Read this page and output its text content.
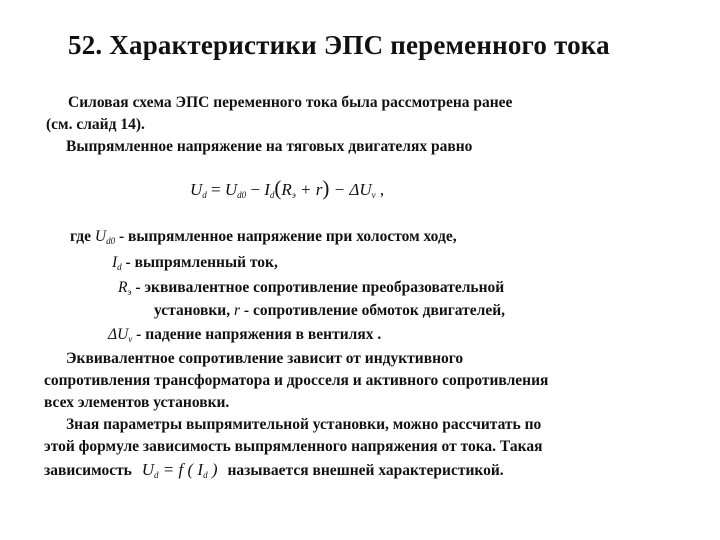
52. Характеристики ЭПС переменного тока
Силовая схема ЭПС переменного тока была рассмотрена ранее
(см. слайд 14).
Выпрямленное напряжение на тяговых двигателях равно
$U_d = U_{d0} - I_d(R_э + r) - \Delta U_v$ ,
где $U_{d0}$ - выпрямленное напряжение при холостом ходе,
$I_d$ - выпрямленный ток,
$R_э$ - эквивалентное сопротивление преобразовательной
установки, r - сопротивление обмоток двигателей,
$\Delta U_v$ - падение напряжения в вентилях .
Эквивалентное сопротивление зависит от индуктивного
сопротивления трансформатора и дросселя и активного сопротивления
всех элементов установки.
Зная параметры выпрямительной установки, можно рассчитать по
этой формуле зависимость выпрямленного напряжения от тока. Такая
зависимость $U_d = f$ ( $I_d$ ) называется внешней характеристикой.
